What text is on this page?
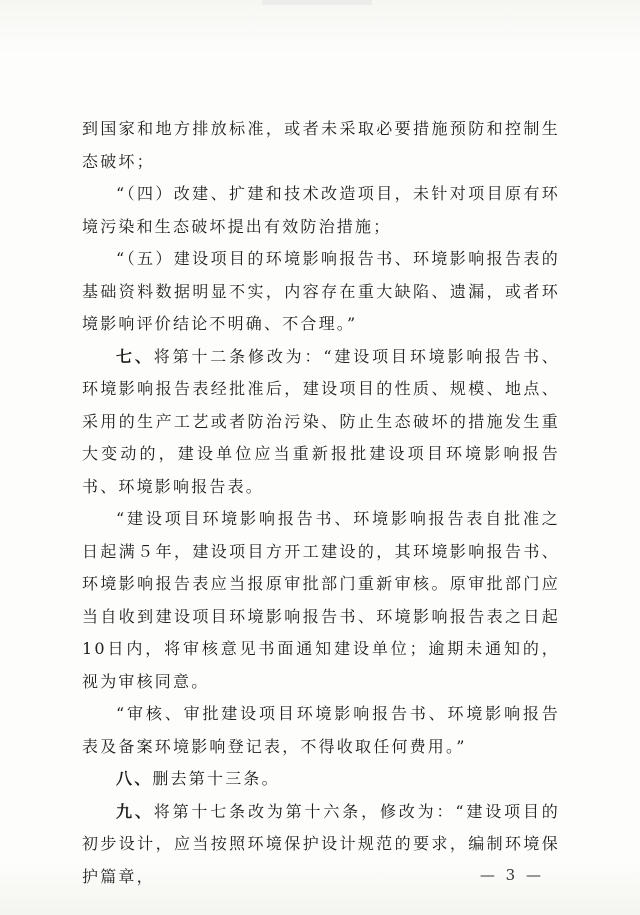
到国家和地方排放标准，或者未采取必要措施预防和控制生态破坏；

“（四）改建、扩建和技术改造项目，未针对项目原有环境污染和生态破坏提出有效防治措施；

“（五）建设项目的环境影响报告书、环境影响报告表的基础资料数据明显不实，内容存在重大缺陷、遗漏，或者环境影响评价结论不明确、不合理。”

七、将第十二条修改为：“建设项目环境影响报告书、环境影响报告表经批准后，建设项目的性质、规模、地点、采用的生产工艺或者防治污染、防止生态破坏的措施发生重大变动的，建设单位应当重新报批建设项目环境影响报告书、环境影响报告表。

“建设项目环境影响报告书、环境影响报告表自批准之日起满５年，建设项目方开工建设的，其环境影响报告书、环境影响报告表应当报原审批部门重新审核。原审批部门应当自收到建设项目环境影响报告书、环境影响报告表之日起10日内，将审核意见书面通知建设单位；逾期未通知的，视为审核同意。

“审核、审批建设项目环境影响报告书、环境影响报告表及备案环境影响登记表，不得收取任何费用。”

八、删去第十三条。

九、将第十七条改为第十六条，修改为：“建设项目的初步设计，应当按照环境保护设计规范的要求，编制环境保护篇章，	— 3 —
